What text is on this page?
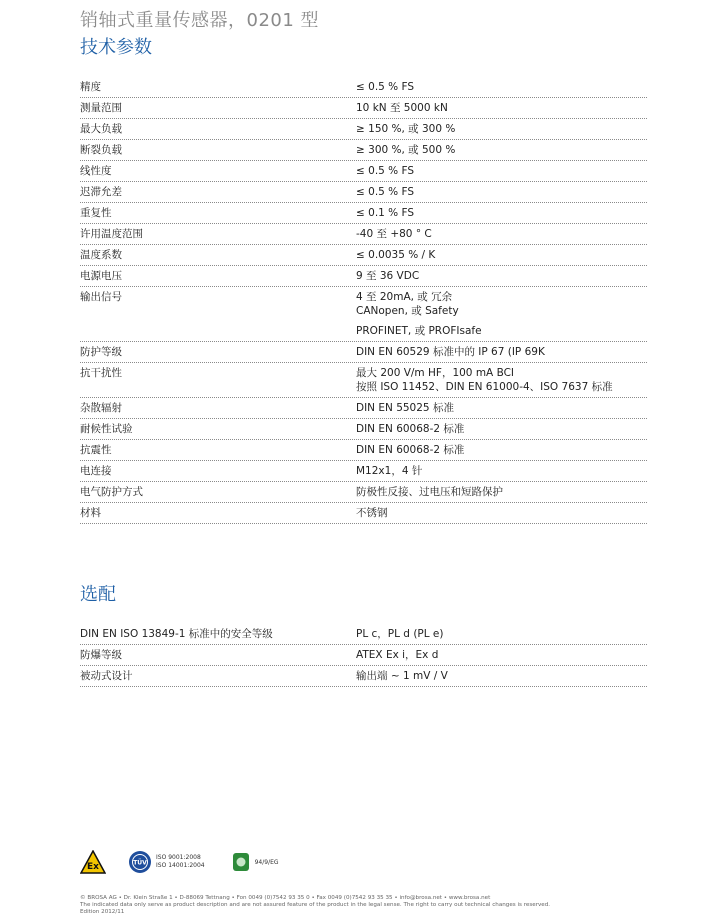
销轴式重量传感器，0201 型
技术参数
精度	≤ 0.5 % FS
测量范围	10 kN 至 5000 kN
最大负载	≥ 150 %, 或 300 %
断裂负载	≥ 300 %, 或 500 %
线性度	≤ 0.5 % FS
迟滞允差	≤ 0.5 % FS
重复性	≤ 0.1 % FS
许用温度范围	-40 至 +80 ° C
温度系数	≤ 0.0035 % / K
电源电压	9 至 36 VDC
输出信号	4 至 20mA, 或 冗余
CANopen, 或 Safety
PROFINET, 或 PROFIsafe
防护等级	DIN EN 60529 标准中的 IP 67 (IP 69K
抗干扰性	最大 200 V/m HF，100 mA BCI
按照 ISO 11452、DIN EN 61000-4、ISO 7637 标准
杂散辐射	DIN EN 55025 标准
耐候性试验	DIN EN 60068-2 标准
抗震性	DIN EN 60068-2 标准
电连接	M12x1，4 针
电气防护方式	防极性反接、过电压和短路保护
材料	不锈钢
选配
DIN EN ISO 13849-1 标准中的安全等级	PL c，PL d (PL e)
防爆等级	ATEX Ex i，Ex d
被动式设计	输出端 ~ 1 mV / V
Ex	TÜV
ISO 9001:2008
ISO 14001:2004	94/9/EG
© BROSA AG • Dr. Klein Straße 1 • D-88069 Tettnang • Fon 0049 (0)7542 93 35 0 • Fax 0049 (0)7542 93 35 35 • info@brosa.net • www.brosa.net
The indicated data only serve as product description and are not assured feature of the product in the legal sense. The right to carry out technical changes is reserved.
Edition 2012/11
